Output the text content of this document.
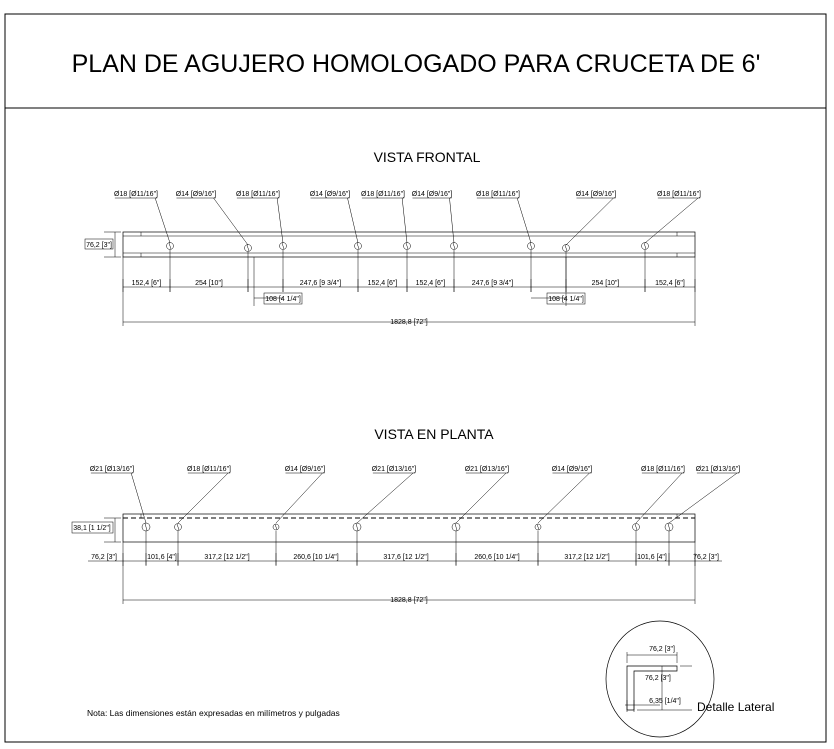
PLAN DE AGUJERO HOMOLOGADO PARA CRUCETA DE 6'
VISTA FRONTAL
Ø18 [Ø11/16"]	Ø14 [Ø9/16"]	Ø18 [Ø11/16"]	Ø14 [Ø9/16"] Ø18 [Ø11/16"] Ø14 [Ø9/16"]	Ø18 [Ø11/16"]	Ø14 [Ø9/16"]	Ø18 [Ø11/16"]
76,2 [3"]
152,4 [6"]	254 [10"]	247,6 [9 3/4"]	152,4 [6"]	152,4 [6"]	247,6 [9 3/4"]	254 [10"]	152,4 [6"]
108 [4 1/4"]	108 [4 1/4"]
1828,8 [72"]
VISTA EN PLANTA
Ø21 [Ø13/16"]	Ø18 [Ø11/16"]	Ø14 [Ø9/16"]	Ø21 [Ø13/16"]	Ø21 [Ø13/16"]	Ø14 [Ø9/16"]	Ø18 [Ø11/16"] Ø21 [Ø13/16"]
38,1 [1 1/2"]
76,2 [3"]	101,6 [4"]	317,2 [12 1/2"]	260,6 [10 1/4"]	317,6 [12 1/2"]	260,6 [10 1/4"]	317,2 [12 1/2"]	101,6 [4"]	76,2 [3"]
1828,8 [72"]
76,2 [3"]
76,2 [3"]
6,35 [1/4"] Detalle Lateral
Nota: Las dimensiones están expresadas en milímetros y pulgadas
